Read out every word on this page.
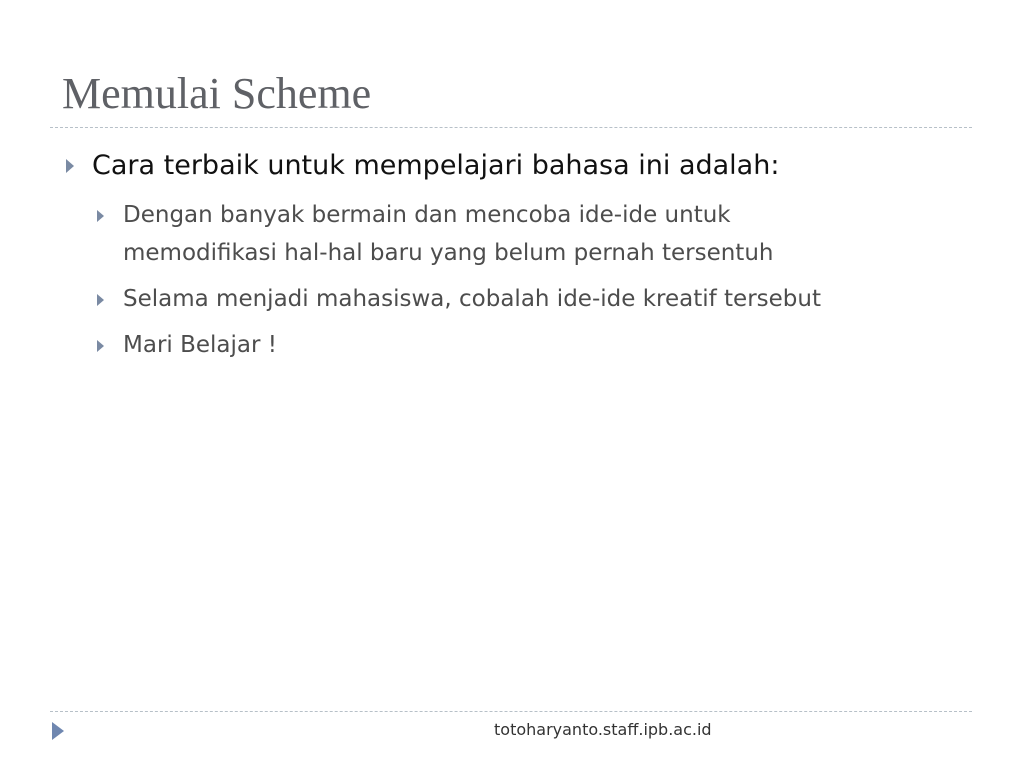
Memulai Scheme
Cara terbaik untuk mempelajari bahasa ini adalah:
Dengan banyak bermain dan mencoba ide-ide untuk
memodifikasi hal-hal baru yang belum pernah tersentuh
Selama menjadi mahasiswa, cobalah ide-ide kreatif tersebut
Mari Belajar !
totoharyanto.staff.ipb.ac.id
